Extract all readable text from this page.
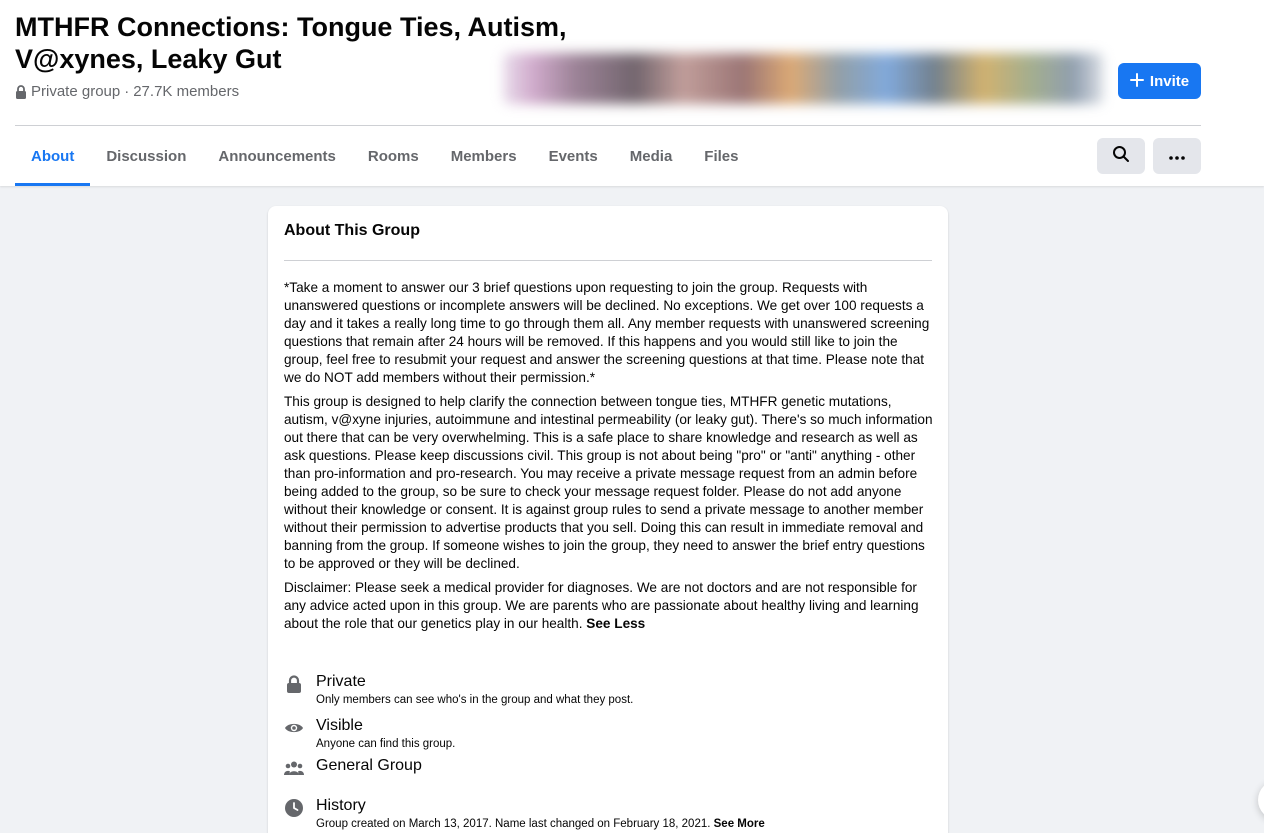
MTHFR Connections: Tongue Ties, Autism, V@xynes, Leaky Gut
Private group · 27.7K members
Invite
About	Discussion	Announcements	Rooms	Members	Events	Media	Files
About This Group

*Take a moment to answer our 3 brief questions upon requesting to join the group. Requests with unanswered questions or incomplete answers will be declined. No exceptions. We get over 100 requests a day and it takes a really long time to go through them all. Any member requests with unanswered screening questions that remain after 24 hours will be removed. If this happens and you would still like to join the group, feel free to resubmit your request and answer the screening questions at that time. Please note that we do NOT add members without their permission.*

This group is designed to help clarify the connection between tongue ties, MTHFR genetic mutations, autism, v@xyne injuries, autoimmune and intestinal permeability (or leaky gut). There's so much information out there that can be very overwhelming. This is a safe place to share knowledge and research as well as ask questions. Please keep discussions civil. This group is not about being "pro" or "anti" anything - other than pro-information and pro-research. You may receive a private message request from an admin before being added to the group, so be sure to check your message request folder. Please do not add anyone without their knowledge or consent. It is against group rules to send a private message to another member without their permission to advertise products that you sell. Doing this can result in immediate removal and banning from the group. If someone wishes to join the group, they need to answer the brief entry questions to be approved or they will be declined.

Disclaimer: Please seek a medical provider for diagnoses. We are not doctors and are not responsible for any advice acted upon in this group. We are parents who are passionate about healthy living and learning about the role that our genetics play in our health. See Less

Private
Only members can see who's in the group and what they post.
Visible
Anyone can find this group.
General Group
History
Group created on March 13, 2017. Name last changed on February 18, 2021. See More
